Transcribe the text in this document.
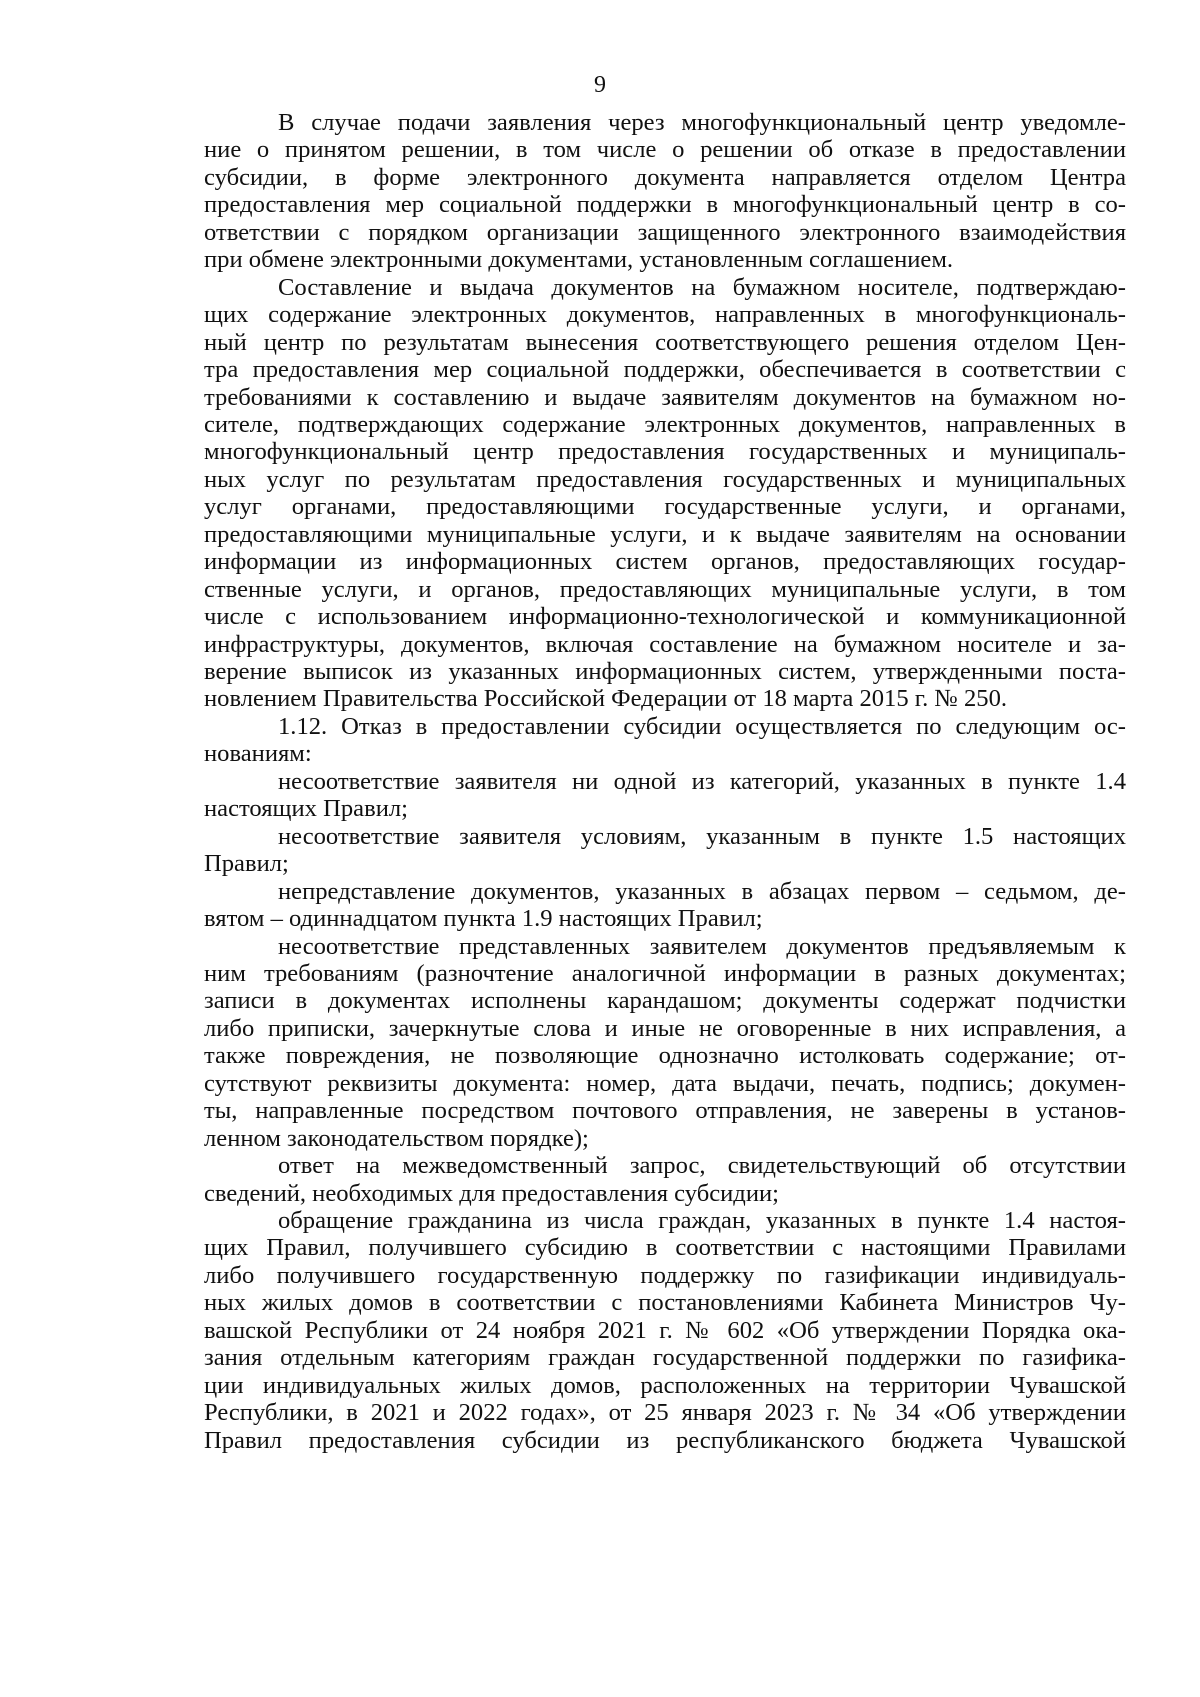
9
В случае подачи заявления через многофункциональный центр уведомле-
ние о принятом решении, в том числе о решении об отказе в предоставлении
субсидии, в форме электронного документа направляется отделом Центра
предоставления мер социальной поддержки в многофункциональный центр в со-
ответствии с порядком организации защищенного электронного взаимодействия
при обмене электронными документами, установленным соглашением.
Составление и выдача документов на бумажном носителе, подтверждаю-
щих содержание электронных документов, направленных в многофункциональ-
ный центр по результатам вынесения соответствующего решения отделом Цен-
тра предоставления мер социальной поддержки, обеспечивается в соответствии с
требованиями к составлению и выдаче заявителям документов на бумажном но-
сителе, подтверждающих содержание электронных документов, направленных в
многофункциональный центр предоставления государственных и муниципаль-
ных услуг по результатам предоставления государственных и муниципальных
услуг органами, предоставляющими государственные услуги, и органами,
предоставляющими муниципальные услуги, и к выдаче заявителям на основании
информации из информационных систем органов, предоставляющих государ-
ственные услуги, и органов, предоставляющих муниципальные услуги, в том
числе с использованием информационно-технологической и коммуникационной
инфраструктуры, документов, включая составление на бумажном носителе и за-
верение выписок из указанных информационных систем, утвержденными поста-
новлением Правительства Российской Федерации от 18 марта 2015 г. № 250.
1.12. Отказ в предоставлении субсидии осуществляется по следующим ос-
нованиям:
несоответствие заявителя ни одной из категорий, указанных в пункте 1.4
настоящих Правил;
несоответствие заявителя условиям, указанным в пункте 1.5 настоящих
Правил;
непредставление документов, указанных в абзацах первом – седьмом, де-
вятом – одиннадцатом пункта 1.9 настоящих Правил;
несоответствие представленных заявителем документов предъявляемым к
ним требованиям (разночтение аналогичной информации в разных документах;
записи в документах исполнены карандашом; документы содержат подчистки
либо приписки, зачеркнутые слова и иные не оговоренные в них исправления, а
также повреждения, не позволяющие однозначно истолковать содержание; от-
сутствуют реквизиты документа: номер, дата выдачи, печать, подпись; докумен-
ты, направленные посредством почтового отправления, не заверены в установ-
ленном законодательством порядке);
ответ на межведомственный запрос, свидетельствующий об отсутствии
сведений, необходимых для предоставления субсидии;
обращение гражданина из числа граждан, указанных в пункте 1.4 настоя-
щих Правил, получившего субсидию в соответствии с настоящими Правилами
либо получившего государственную поддержку по газификации индивидуаль-
ных жилых домов в соответствии с постановлениями Кабинета Министров Чу-
вашской Республики от 24 ноября 2021 г. № 602 «Об утверждении Порядка ока-
зания отдельным категориям граждан государственной поддержки по газифика-
ции индивидуальных жилых домов, расположенных на территории Чувашской
Республики, в 2021 и 2022 годах», от 25 января 2023 г. № 34 «Об утверждении
Правил предоставления субсидии из республиканского бюджета Чувашской
